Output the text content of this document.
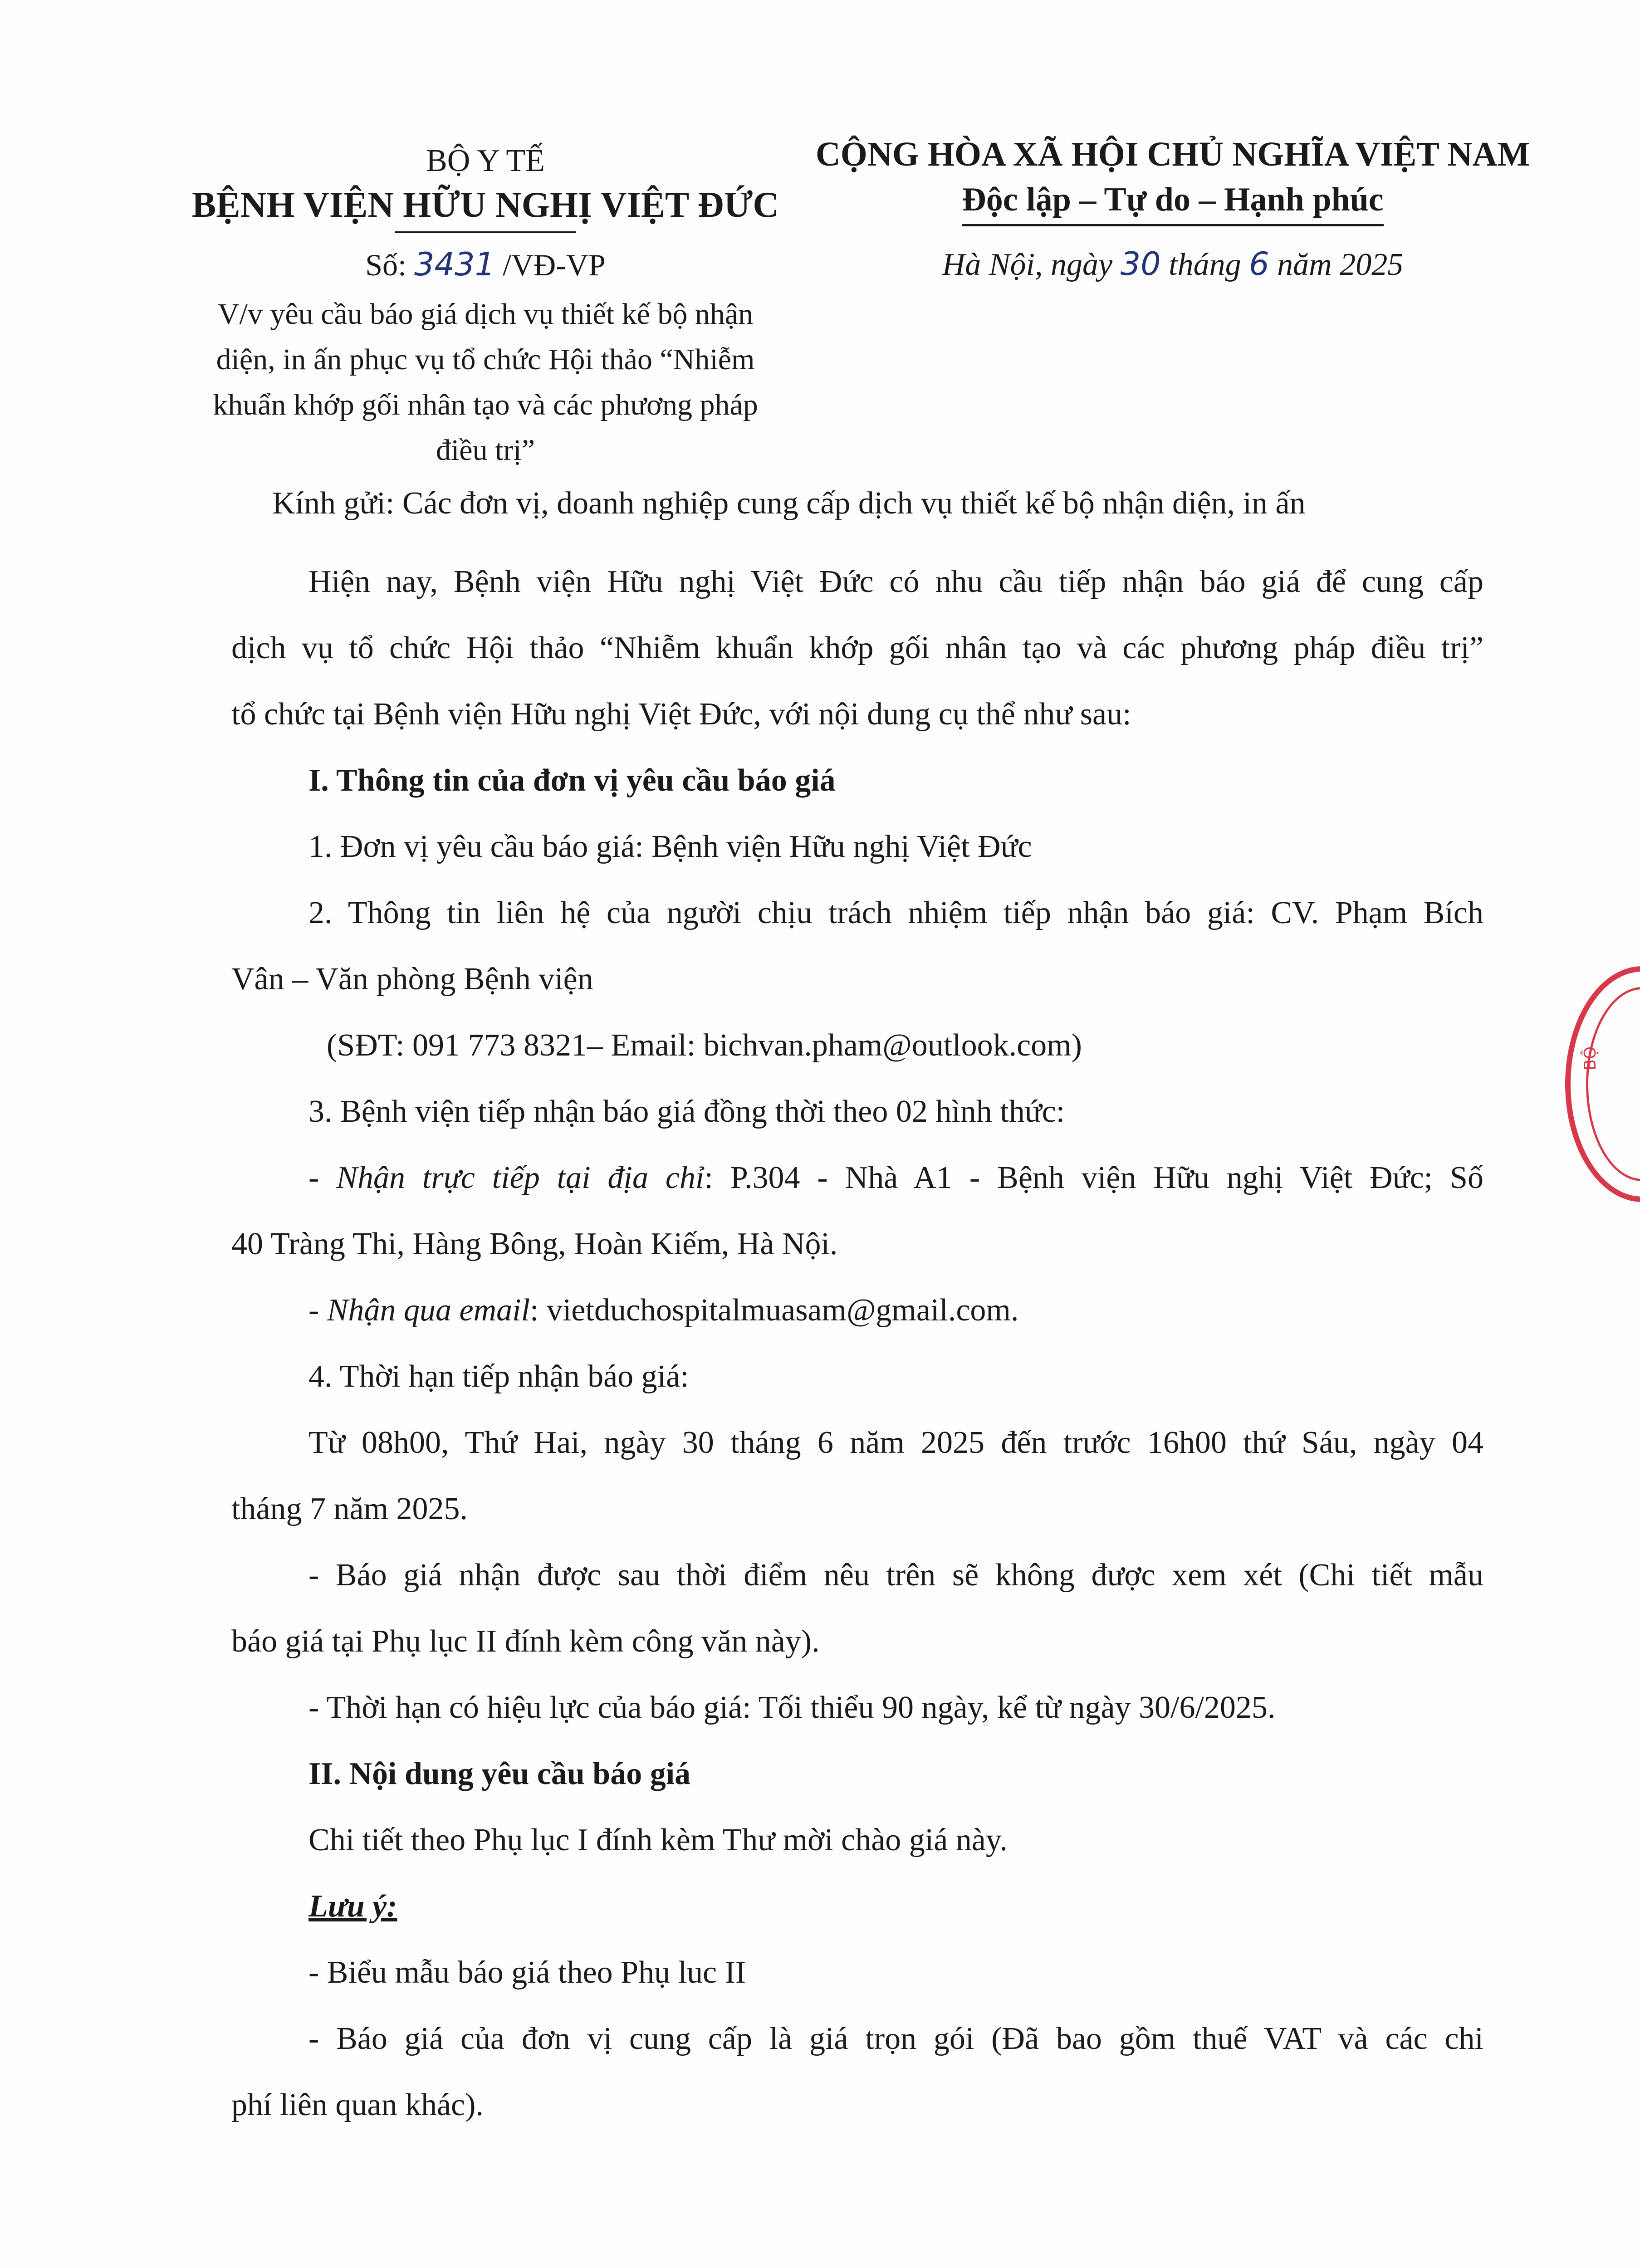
BỘ Y TẾ
BỆNH VIỆN HỮU NGHỊ VIỆT ĐỨC
Số: 3431 /VĐ-VP
V/v yêu cầu báo giá dịch vụ thiết kế bộ nhận
diện, in ấn phục vụ tổ chức Hội thảo “Nhiễm
khuẩn khớp gối nhân tạo và các phương pháp
điều trị”
CỘNG HÒA XÃ HỘI CHỦ NGHĨA VIỆT NAM
Độc lập – Tự do – Hạnh phúc
Hà Nội, ngày 30 tháng 6 năm 2025
Kính gửi: Các đơn vị, doanh nghiệp cung cấp dịch vụ thiết kế bộ nhận diện, in ấn

Hiện nay, Bệnh viện Hữu nghị Việt Đức có nhu cầu tiếp nhận báo giá để cung cấp

dịch vụ tổ chức Hội thảo “Nhiễm khuẩn khớp gối nhân tạo và các phương pháp điều trị”

tổ chức tại Bệnh viện Hữu nghị Việt Đức, với nội dung cụ thể như sau:

I. Thông tin của đơn vị yêu cầu báo giá

1. Đơn vị yêu cầu báo giá: Bệnh viện Hữu nghị Việt Đức

2. Thông tin liên hệ của người chịu trách nhiệm tiếp nhận báo giá: CV. Phạm Bích

Vân – Văn phòng Bệnh viện

(SĐT: 091 773 8321– Email: bichvan.pham@outlook.com)

3. Bệnh viện tiếp nhận báo giá đồng thời theo 02 hình thức:

- Nhận trực tiếp tại địa chỉ: P.304 - Nhà A1 - Bệnh viện Hữu nghị Việt Đức; Số

40 Tràng Thi, Hàng Bông, Hoàn Kiếm, Hà Nội.

- Nhận qua email: vietduchospitalmuasam@gmail.com.

4. Thời hạn tiếp nhận báo giá:

Từ 08h00, Thứ Hai, ngày 30 tháng 6 năm 2025 đến trước 16h00 thứ Sáu, ngày 04

tháng 7 năm 2025.

- Báo giá nhận được sau thời điểm nêu trên sẽ không được xem xét (Chi tiết mẫu

báo giá tại Phụ lục II đính kèm công văn này).

- Thời hạn có hiệu lực của báo giá: Tối thiểu 90 ngày, kể từ ngày 30/6/2025.

II. Nội dung yêu cầu báo giá

Chi tiết theo Phụ lục I đính kèm Thư mời chào giá này.

Lưu ý:

- Biểu mẫu báo giá theo Phụ luc II

- Báo giá của đơn vị cung cấp là giá trọn gói (Đã bao gồm thuế VAT và các chi

phí liên quan khác).

BỘ
